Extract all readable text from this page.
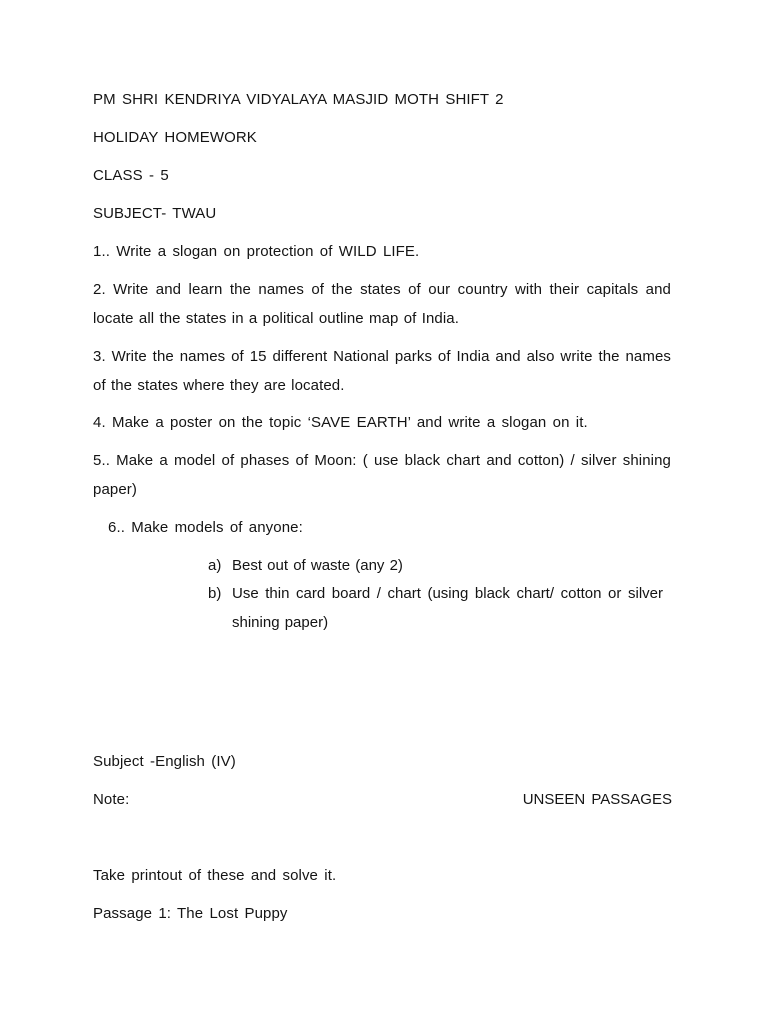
PM SHRI KENDRIYA VIDYALAYA MASJID MOTH SHIFT 2
HOLIDAY HOMEWORK
CLASS - 5
SUBJECT- TWAU
1.. Write a slogan on protection of WILD LIFE.
2. Write and learn the names of the states of our country with their capitals and locate all the states in a political outline map of India.
3. Write the names of 15 different National parks of India and also write the names of the states where they are located.
4. Make a poster on the topic ‘SAVE EARTH’ and write a slogan on it.
5.. Make a model of phases of Moon: ( use black chart and cotton) / silver shining paper)
6.. Make models of anyone:
a) Best out of waste (any 2)
b) Use thin card board / chart (using black chart/ cotton or silver shining paper)
Subject -English (IV)
Note:	UNSEEN PASSAGES
Take printout of these and solve it.
Passage 1: The Lost Puppy
